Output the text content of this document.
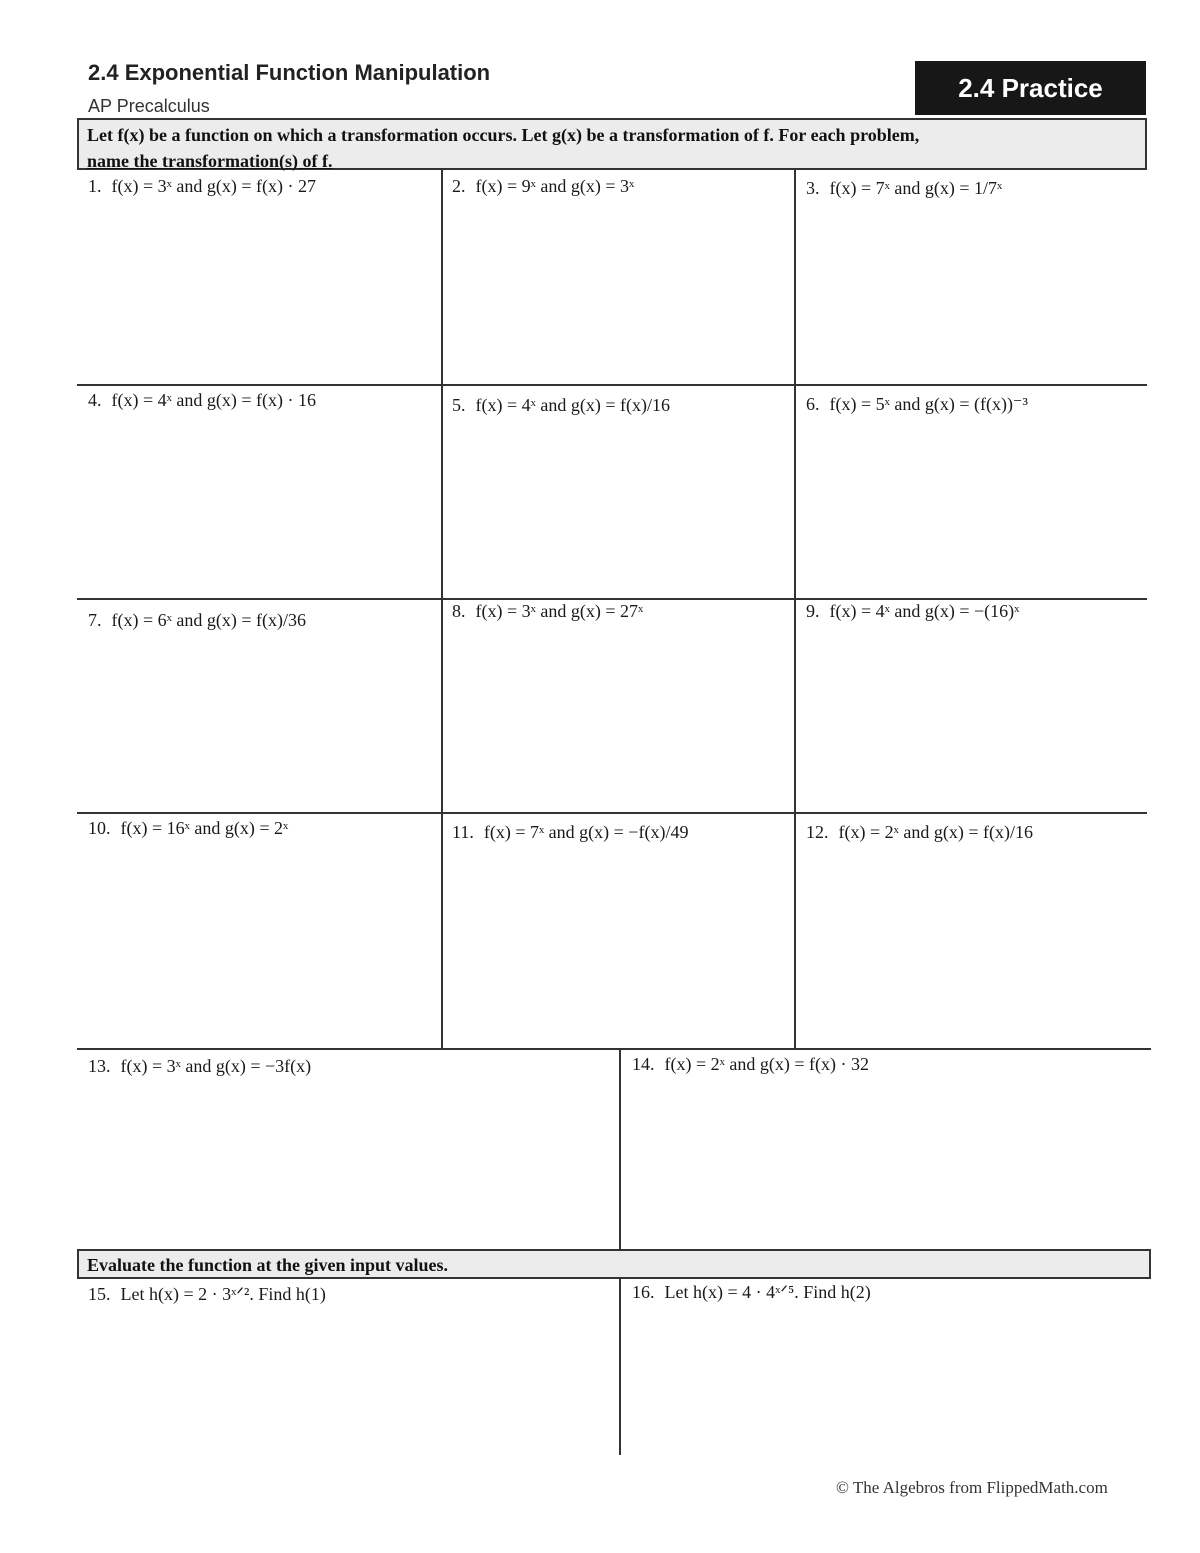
2.4 Exponential Function Manipulation
AP Precalculus
2.4 Practice
Let f(x) be a function on which a transformation occurs. Let g(x) be a transformation of f. For each problem,
name the transformation(s) of f.
Evaluate the function at the given input values.
1. f(x) = 3ˣ and g(x) = f(x) · 27	2. f(x) = 9ˣ and g(x) = 3ˣ	3. f(x) = 7ˣ and g(x) = 1/7ˣ
4. f(x) = 4ˣ and g(x) = f(x) · 16	5. f(x) = 4ˣ and g(x) = f(x)/16	6. f(x) = 5ˣ and g(x) = (f(x))⁻³
7. f(x) = 6ˣ and g(x) = f(x)/36	8. f(x) = 3ˣ and g(x) = 27ˣ	9. f(x) = 4ˣ and g(x) = −(16)ˣ
10. f(x) = 16ˣ and g(x) = 2ˣ	11. f(x) = 7ˣ and g(x) = −f(x)/49	12. f(x) = 2ˣ and g(x) = f(x)/16
13. f(x) = 3ˣ and g(x) = −3f(x)	14. f(x) = 2ˣ and g(x) = f(x) · 32
15. Let h(x) = 2 · 3ˣᐟ². Find h(1)	16. Let h(x) = 4 · 4ˣᐟ⁵. Find h(2)
© The Algebros from FlippedMath.com
